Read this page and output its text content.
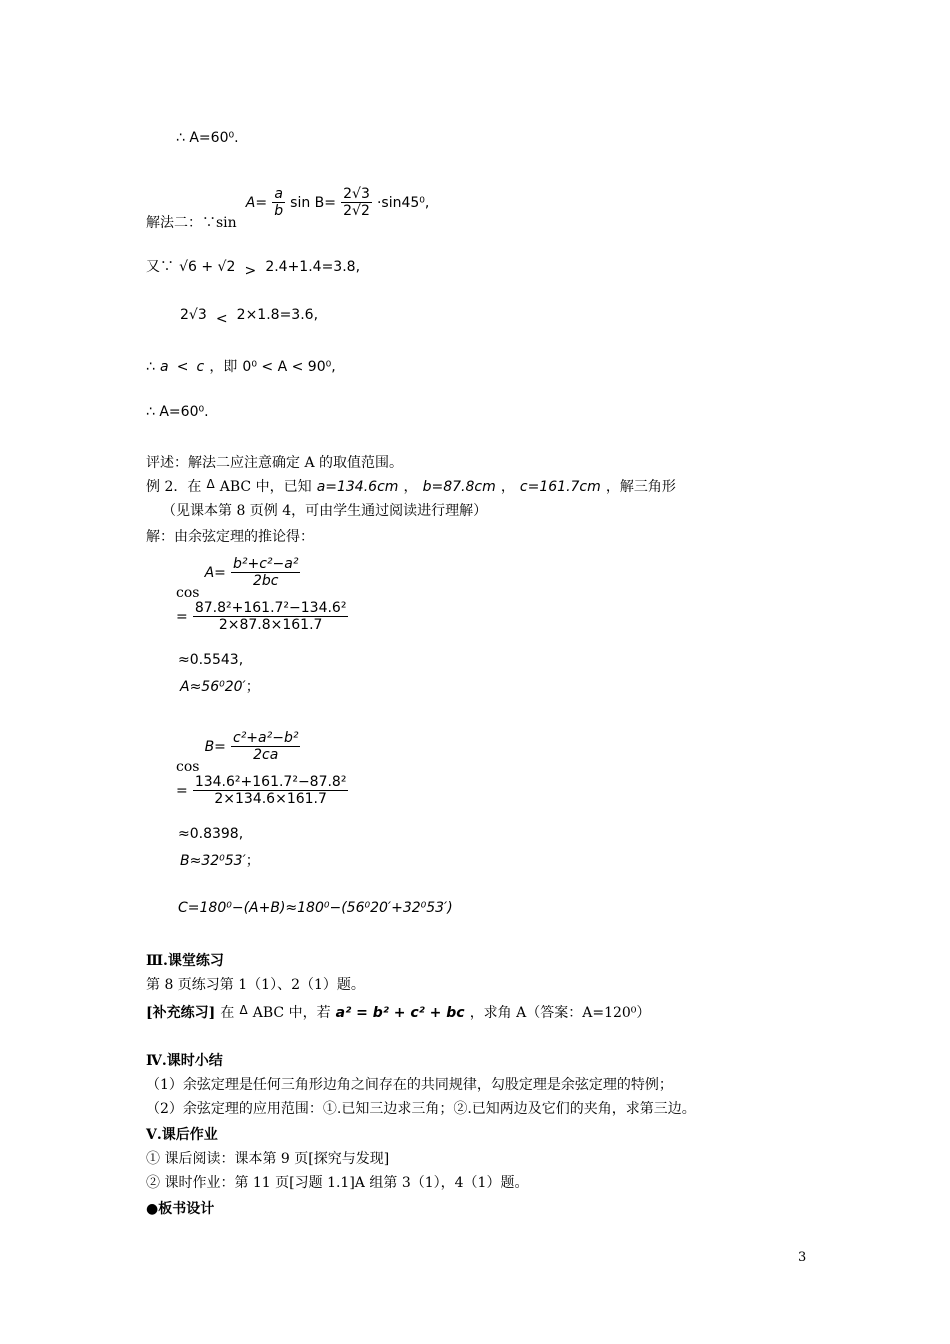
∴ A=60⁰.
解法二：∵sin $A= \frac{a}{b}$ $\sin B= \frac{2√3}{2√2} \cdot\sin 45^0$,
又∵ √6 + √2 > 2.4+1.4=3.8,
2√3 < 2×1.8=3.6,
∴ a < c ，即 0⁰ < A < 90⁰,
∴ A=60⁰.
评述：解法二应注意确定 A 的取值范围。
例 2．在 Δ ABC 中，已知 a=134.6cm ， b=87.8cm ， c=161.7cm ，解三角形
（见课本第 8 页例 4，可由学生通过阅读进行理解）
解：由余弦定理的推论得：
$\cos A= \frac{\text{b²+c²−a²}}{2bc}$
= $\frac{\text{87.8²+161.7²−134.6²}}{2\times 87.8\times 161.7}$
≈0.5543,
A≈56⁰20′；
$\cos B= \frac{\text{c²+a²−b²}}{2ca}$
= $\frac{\text{134.6²+161.7²−87.8²}}{2\times 134.6\times 161.7}$
≈0.8398,
B≈32⁰53′；
C=180⁰−(A+B)≈180⁰−(56⁰20′+32⁰53′)
Ⅲ.课堂练习
第 8 页练习第 1（1）、2（1）题。
[补充练习] 在 Δ ABC 中，若 a² = b² + c² + bc ，求角 A（答案：A=120⁰）
Ⅳ.课时小结
（1）余弦定理是任何三角形边角之间存在的共同规律，勾股定理是余弦定理的特例；
（2）余弦定理的应用范围：①.已知三边求三角；②.已知两边及它们的夹角，求第三边。
Ⅴ.课后作业
① 课后阅读：课本第 9 页[探究与发现]
② 课时作业：第 11 页[习题 1.1]A 组第 3（1），4（1）题。
●板书设计
3
